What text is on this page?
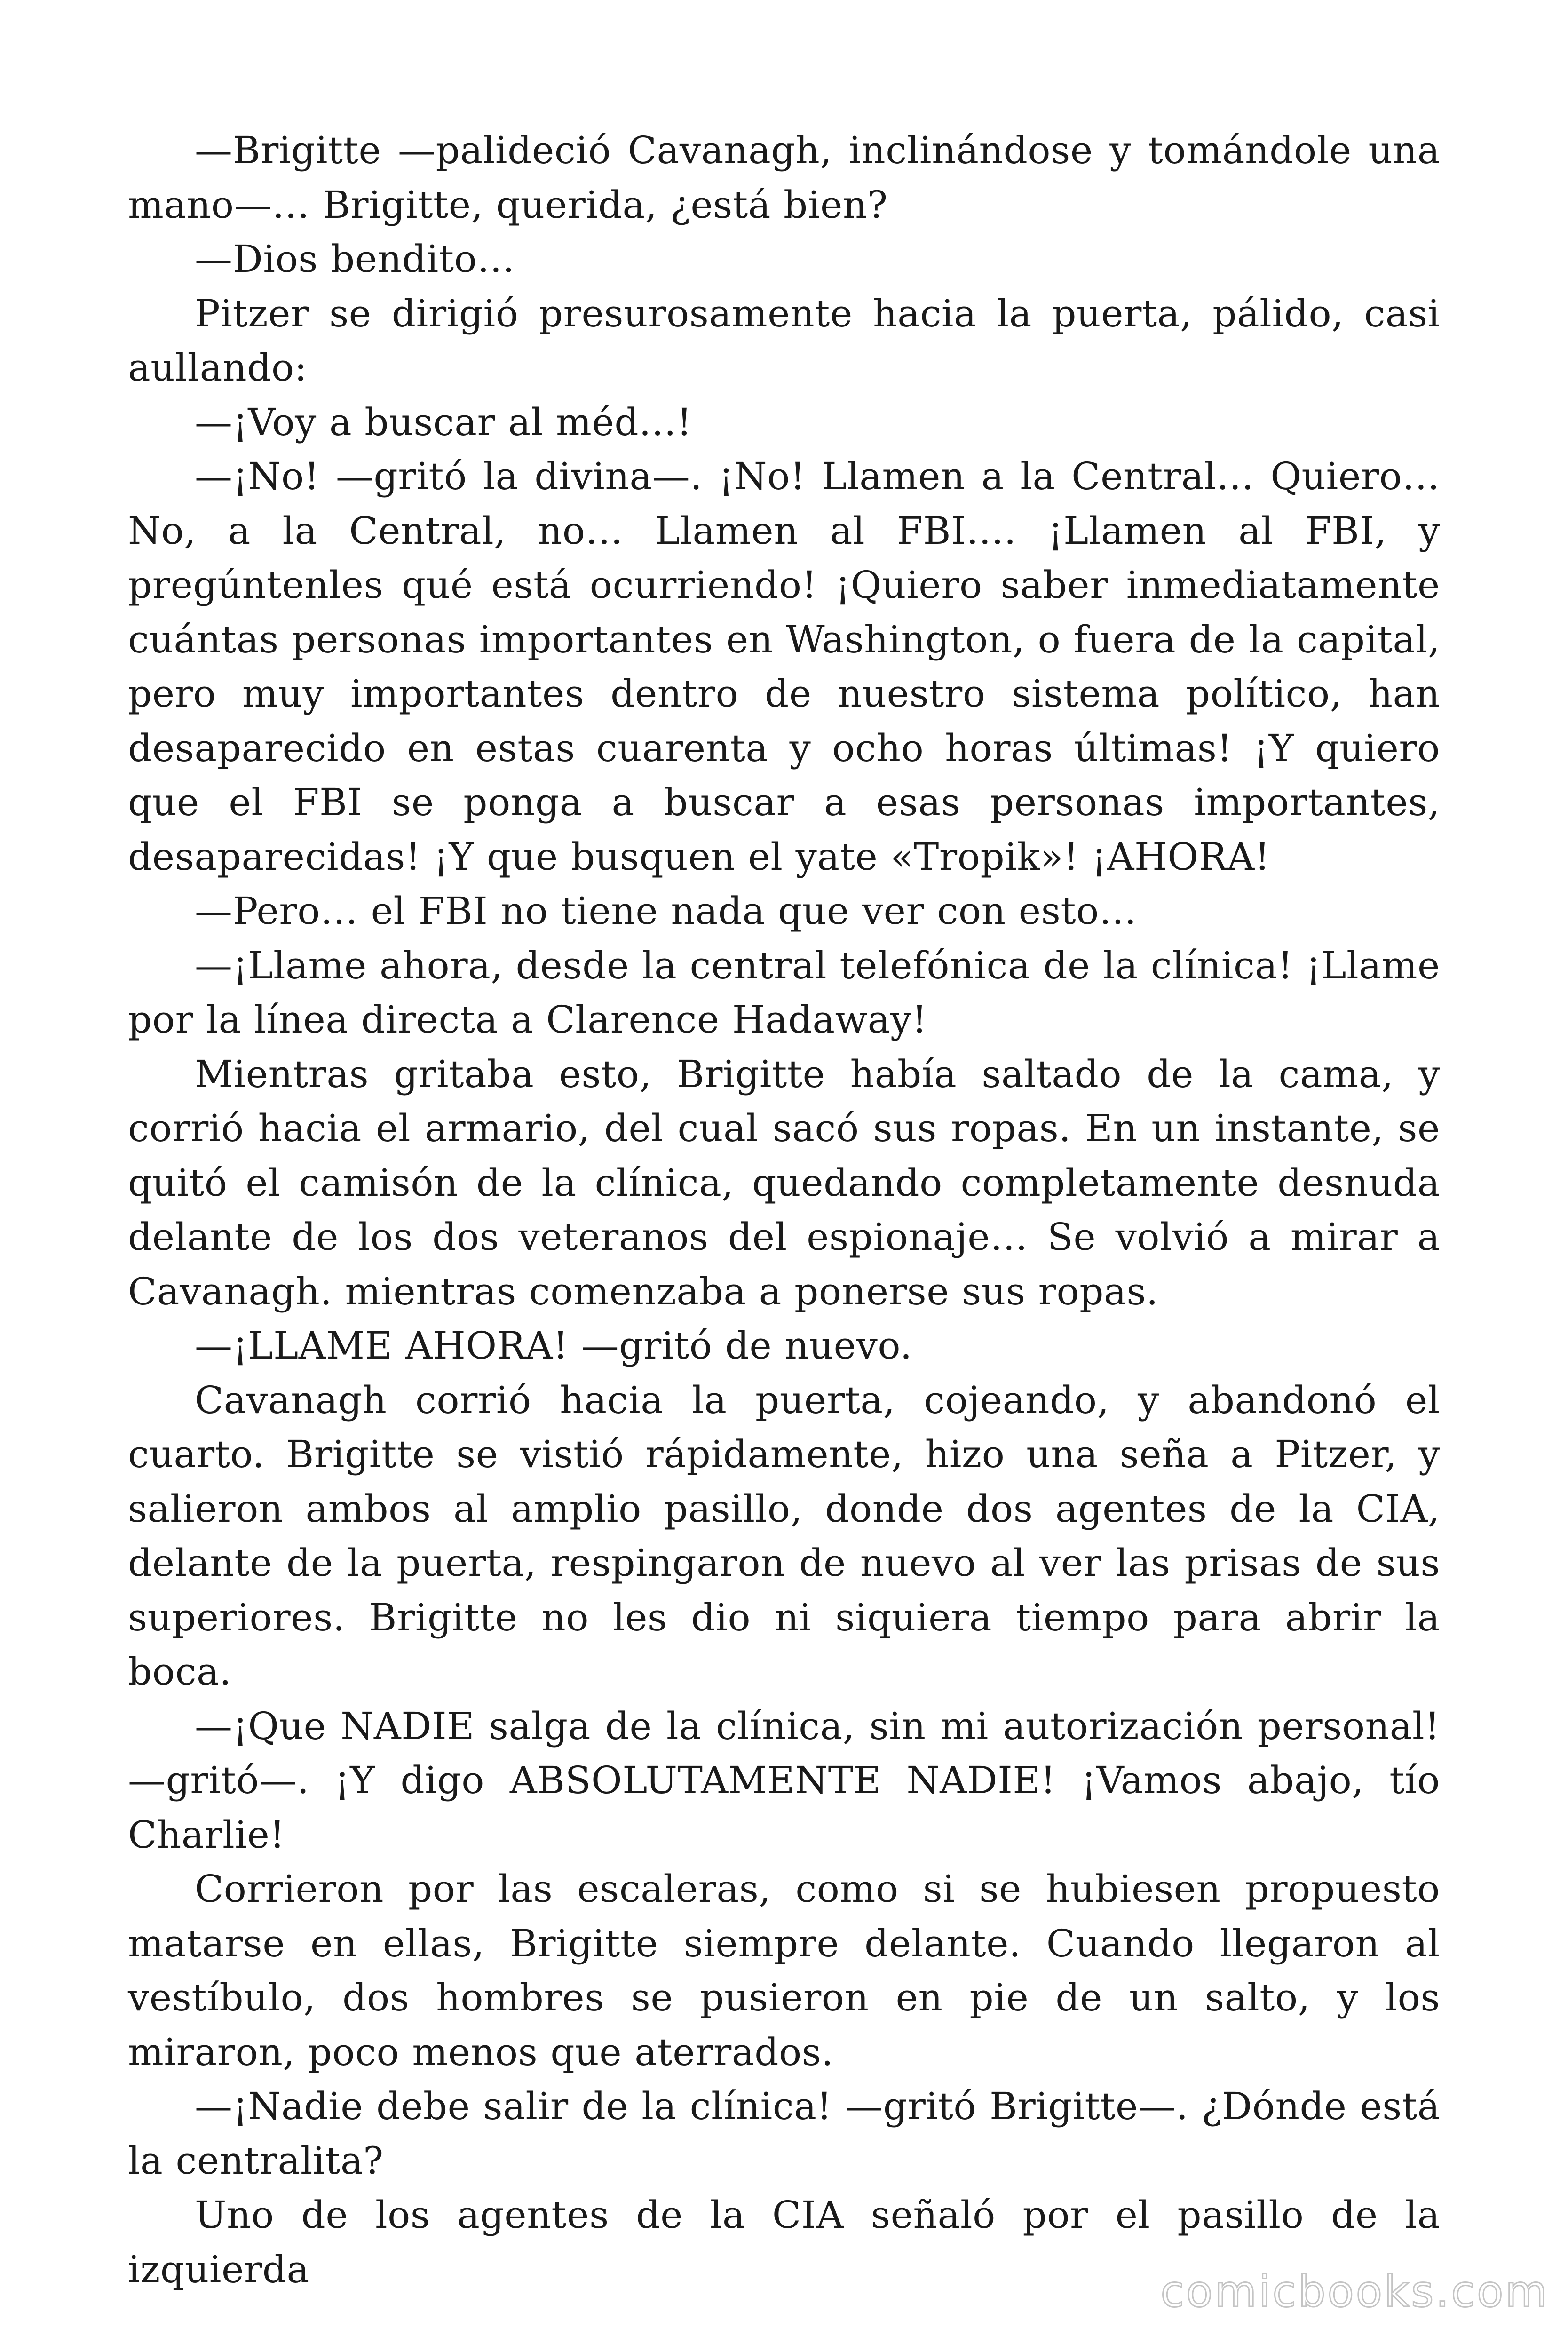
—Brigitte —palideció Cavanagh, inclinándose y tomándole una mano—… Brigitte, querida, ¿está bien?

—Dios bendito…

Pitzer se dirigió presurosamente hacia la puerta, pálido, casi aullando:

—¡Voy a buscar al méd…!

—¡No! —gritó la divina—. ¡No! Llamen a la Central… Quiero… No, a la Central, no… Llamen al FBI…. ¡Llamen al FBI, y pregúntenles qué está ocurriendo! ¡Quiero saber inmediatamente cuántas personas importantes en Washington, o fuera de la capital, pero muy importantes dentro de nuestro sistema político, han desaparecido en estas cuarenta y ocho horas últimas! ¡Y quiero que el FBI se ponga a buscar a esas personas importantes, desaparecidas! ¡Y que busquen el yate «Tropik»! ¡AHORA!

—Pero… el FBI no tiene nada que ver con esto…

—¡Llame ahora, desde la central telefónica de la clínica! ¡Llame por la línea directa a Clarence Hadaway!

Mientras gritaba esto, Brigitte había saltado de la cama, y corrió hacia el armario, del cual sacó sus ropas. En un instante, se quitó el camisón de la clínica, quedando completamente desnuda delante de los dos veteranos del espionaje… Se volvió a mirar a Cavanagh. mientras comenzaba a ponerse sus ropas.

—¡LLAME AHORA! —gritó de nuevo.

Cavanagh corrió hacia la puerta, cojeando, y abandonó el cuarto. Brigitte se vistió rápidamente, hizo una seña a Pitzer, y salieron ambos al amplio pasillo, donde dos agentes de la CIA, delante de la puerta, respingaron de nuevo al ver las prisas de sus superiores. Brigitte no les dio ni siquiera tiempo para abrir la boca.

—¡Que NADIE salga de la clínica, sin mi autorización personal! —gritó—. ¡Y digo ABSOLUTAMENTE NADIE! ¡Vamos abajo, tío Charlie!

Corrieron por las escaleras, como si se hubiesen propuesto matarse en ellas, Brigitte siempre delante. Cuando llegaron al vestíbulo, dos hombres se pusieron en pie de un salto, y los miraron, poco menos que aterrados.

—¡Nadie debe salir de la clínica! —gritó Brigitte—. ¿Dónde está la centralita?

Uno de los agentes de la CIA señaló por el pasillo de la izquierda	comicbooks.com
